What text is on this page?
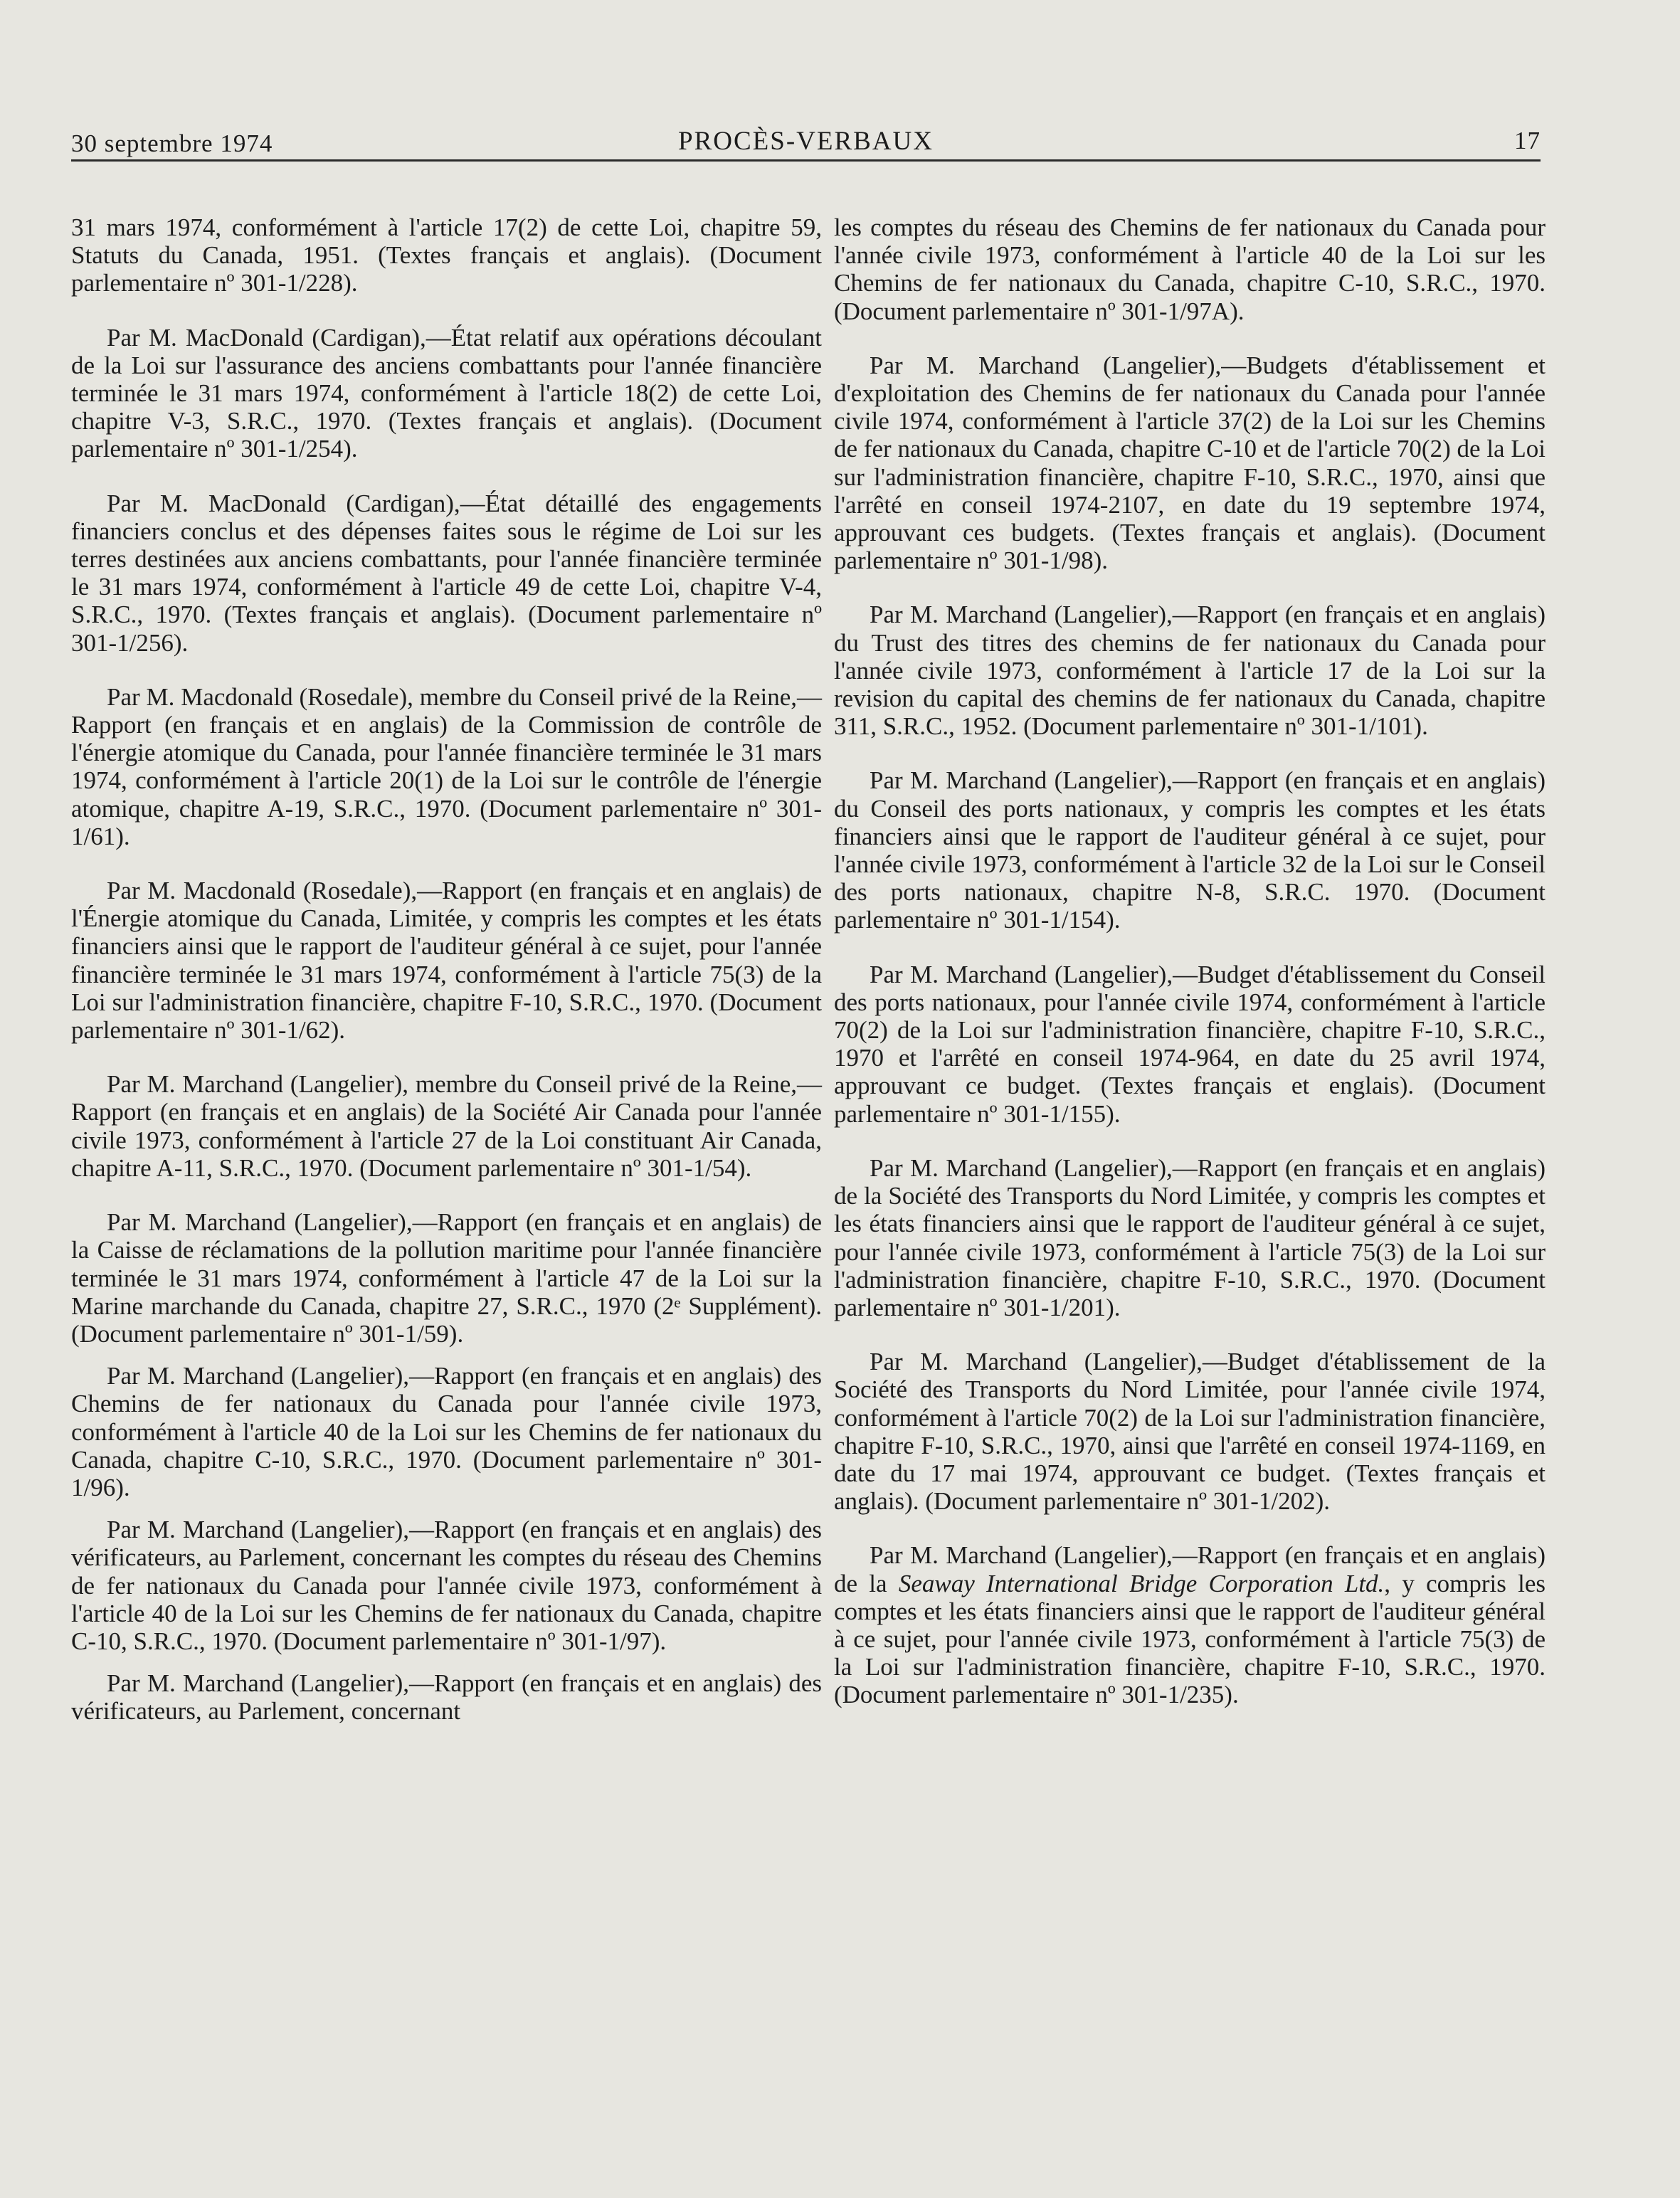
30 septembre 1974	PROCÈS-VERBAUX	17

31 mars 1974, conformément à l'article 17(2) de cette Loi, chapitre 59, Statuts du Canada, 1951. (Textes français et anglais). (Document parlementaire nº 301-1/228).

Par M. MacDonald (Cardigan),—État relatif aux opérations découlant de la Loi sur l'assurance des anciens combattants pour l'année financière terminée le 31 mars 1974, conformément à l'article 18(2) de cette Loi, chapitre V-3, S.R.C., 1970. (Textes français et anglais). (Document parlementaire nº 301-1/254).

Par M. MacDonald (Cardigan),—État détaillé des engagements financiers conclus et des dépenses faites sous le régime de Loi sur les terres destinées aux anciens combattants, pour l'année financière terminée le 31 mars 1974, conformément à l'article 49 de cette Loi, chapitre V-4, S.R.C., 1970. (Textes français et anglais). (Document parlementaire nº 301-1/256).

Par M. Macdonald (Rosedale), membre du Conseil privé de la Reine,—Rapport (en français et en anglais) de la Commission de contrôle de l'énergie atomique du Canada, pour l'année financière terminée le 31 mars 1974, conformément à l'article 20(1) de la Loi sur le contrôle de l'énergie atomique, chapitre A-19, S.R.C., 1970. (Document parlementaire nº 301-1/61).

Par M. Macdonald (Rosedale),—Rapport (en français et en anglais) de l'Énergie atomique du Canada, Limitée, y compris les comptes et les états financiers ainsi que le rapport de l'auditeur général à ce sujet, pour l'année financière terminée le 31 mars 1974, conformément à l'article 75(3) de la Loi sur l'administration financière, chapitre F-10, S.R.C., 1970. (Document parlementaire nº 301-1/62).

Par M. Marchand (Langelier), membre du Conseil privé de la Reine,—Rapport (en français et en anglais) de la Société Air Canada pour l'année civile 1973, conformément à l'article 27 de la Loi constituant Air Canada, chapitre A-11, S.R.C., 1970. (Document parlementaire nº 301-1/54).

Par M. Marchand (Langelier),—Rapport (en français et en anglais) de la Caisse de réclamations de la pollution maritime pour l'année financière terminée le 31 mars 1974, conformément à l'article 47 de la Loi sur la Marine marchande du Canada, chapitre 27, S.R.C., 1970 (2ᵉ Supplément). (Document parlementaire nº 301-1/59).

Par M. Marchand (Langelier),—Rapport (en français et en anglais) des Chemins de fer nationaux du Canada pour l'année civile 1973, conformément à l'article 40 de la Loi sur les Chemins de fer nationaux du Canada, chapitre C-10, S.R.C., 1970. (Document parlementaire nº 301-1/96).

Par M. Marchand (Langelier),—Rapport (en français et en anglais) des vérificateurs, au Parlement, concernant les comptes du réseau des Chemins de fer nationaux du Canada pour l'année civile 1973, conformément à l'article 40 de la Loi sur les Chemins de fer nationaux du Canada, chapitre C-10, S.R.C., 1970. (Document parlementaire nº 301-1/97).

Par M. Marchand (Langelier),—Rapport (en français et en anglais) des vérificateurs, au Parlement, concernant

les comptes du réseau des Chemins de fer nationaux du Canada pour l'année civile 1973, conformément à l'article 40 de la Loi sur les Chemins de fer nationaux du Canada, chapitre C-10, S.R.C., 1970. (Document parlementaire nº 301-1/97A).

Par M. Marchand (Langelier),—Budgets d'établissement et d'exploitation des Chemins de fer nationaux du Canada pour l'année civile 1974, conformément à l'article 37(2) de la Loi sur les Chemins de fer nationaux du Canada, chapitre C-10 et de l'article 70(2) de la Loi sur l'administration financière, chapitre F-10, S.R.C., 1970, ainsi que l'arrêté en conseil 1974-2107, en date du 19 septembre 1974, approuvant ces budgets. (Textes français et anglais). (Document parlementaire nº 301-1/98).

Par M. Marchand (Langelier),—Rapport (en français et en anglais) du Trust des titres des chemins de fer nationaux du Canada pour l'année civile 1973, conformément à l'article 17 de la Loi sur la revision du capital des chemins de fer nationaux du Canada, chapitre 311, S.R.C., 1952. (Document parlementaire nº 301-1/101).

Par M. Marchand (Langelier),—Rapport (en français et en anglais) du Conseil des ports nationaux, y compris les comptes et les états financiers ainsi que le rapport de l'auditeur général à ce sujet, pour l'année civile 1973, conformément à l'article 32 de la Loi sur le Conseil des ports nationaux, chapitre N-8, S.R.C. 1970. (Document parlementaire nº 301-1/154).

Par M. Marchand (Langelier),—Budget d'établissement du Conseil des ports nationaux, pour l'année civile 1974, conformément à l'article 70(2) de la Loi sur l'administration financière, chapitre F-10, S.R.C., 1970 et l'arrêté en conseil 1974-964, en date du 25 avril 1974, approuvant ce budget. (Textes français et englais). (Document parlementaire nº 301-1/155).

Par M. Marchand (Langelier),—Rapport (en français et en anglais) de la Société des Transports du Nord Limitée, y compris les comptes et les états financiers ainsi que le rapport de l'auditeur général à ce sujet, pour l'année civile 1973, conformément à l'article 75(3) de la Loi sur l'administration financière, chapitre F-10, S.R.C., 1970. (Document parlementaire nº 301-1/201).

Par M. Marchand (Langelier),—Budget d'établissement de la Société des Transports du Nord Limitée, pour l'année civile 1974, conformément à l'article 70(2) de la Loi sur l'administration financière, chapitre F-10, S.R.C., 1970, ainsi que l'arrêté en conseil 1974-1169, en date du 17 mai 1974, approuvant ce budget. (Textes français et anglais). (Document parlementaire nº 301-1/202).

Par M. Marchand (Langelier),—Rapport (en français et en anglais) de la Seaway International Bridge Corporation Ltd., y compris les comptes et les états financiers ainsi que le rapport de l'auditeur général à ce sujet, pour l'année civile 1973, conformément à l'article 75(3) de la Loi sur l'administration financière, chapitre F-10, S.R.C., 1970. (Document parlementaire nº 301-1/235).
